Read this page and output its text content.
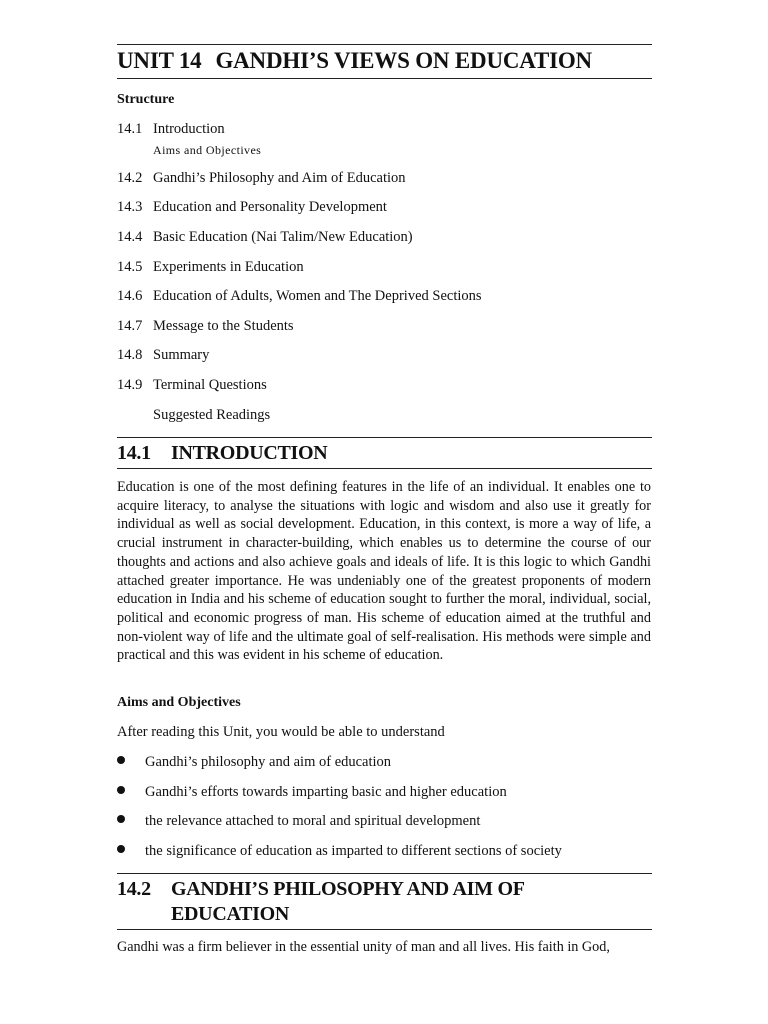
UNIT 14 GANDHI’S VIEWS ON EDUCATION
Structure
14.1 Introduction
Aims and Objectives
14.2 Gandhi’s Philosophy and Aim of Education
14.3 Education and Personality Development
14.4 Basic Education (Nai Talim/New Education)
14.5 Experiments in Education
14.6 Education of Adults, Women and The Deprived Sections
14.7 Message to the Students
14.8 Summary
14.9 Terminal Questions
Suggested Readings
14.1 INTRODUCTION

Education is one of the most defining features in the life of an individual. It enables one to acquire literacy, to analyse the situations with logic and wisdom and also use it greatly for individual as well as social development. Education, in this context, is more a way of life, a crucial instrument in character-building, which enables us to determine the course of our thoughts and actions and also achieve goals and ideals of life. It is this logic to which Gandhi attached greater importance. He was undeniably one of the greatest proponents of modern education in India and his scheme of education sought to further the moral, individual, social, political and economic progress of man. His scheme of education aimed at the truthful and non-violent way of life and the ultimate goal of self-realisation. His methods were simple and practical and this was evident in his scheme of education.

Aims and Objectives
After reading this Unit, you would be able to understand
Gandhi’s philosophy and aim of education
Gandhi’s efforts towards imparting basic and higher education
the relevance attached to moral and spiritual development
the significance of education as imparted to different sections of society
14.2 GANDHI’S PHILOSOPHY AND AIM OF
EDUCATION

Gandhi was a firm believer in the essential unity of man and all lives. His faith in God,
